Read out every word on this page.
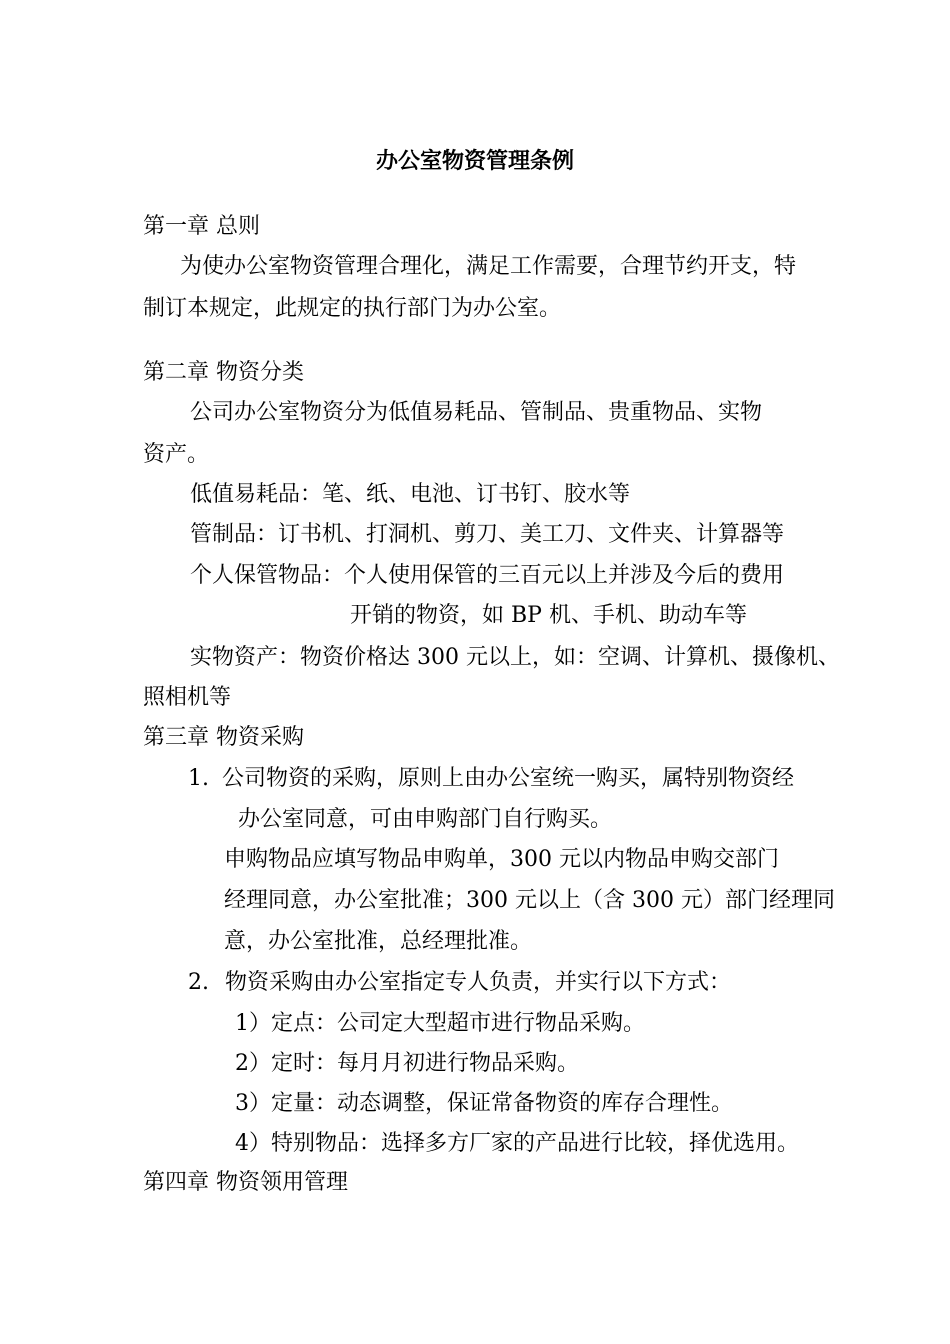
办公室物资管理条例
第一章 总则
为使办公室物资管理合理化，满足工作需要，合理节约开支，特
制订本规定，此规定的执行部门为办公室。
第二章 物资分类
公司办公室物资分为低值易耗品、管制品、贵重物品、实物
资产。
低值易耗品：笔、纸、电池、订书钉、胶水等
管制品：订书机、打洞机、剪刀、美工刀、文件夹、计算器等
个人保管物品：个人使用保管的三百元以上并涉及今后的费用
开销的物资，如 BP 机、手机、助动车等
实物资产：物资价格达 300 元以上，如：空调、计算机、摄像机、
照相机等
第三章 物资采购
1. 公司物资的采购，原则上由办公室统一购买，属特别物资经
办公室同意，可由申购部门自行购买。
申购物品应填写物品申购单，300 元以内物品申购交部门
经理同意，办公室批准；300 元以上（含 300 元）部门经理同
意，办公室批准，总经理批准。
2. 物资采购由办公室指定专人负责，并实行以下方式：
1） 定点：公司定大型超市进行物品采购。
2） 定时：每月月初进行物品采购。
3） 定量：动态调整，保证常备物资的库存合理性。
4） 特别物品：选择多方厂家的产品进行比较，择优选用。
第四章 物资领用管理
